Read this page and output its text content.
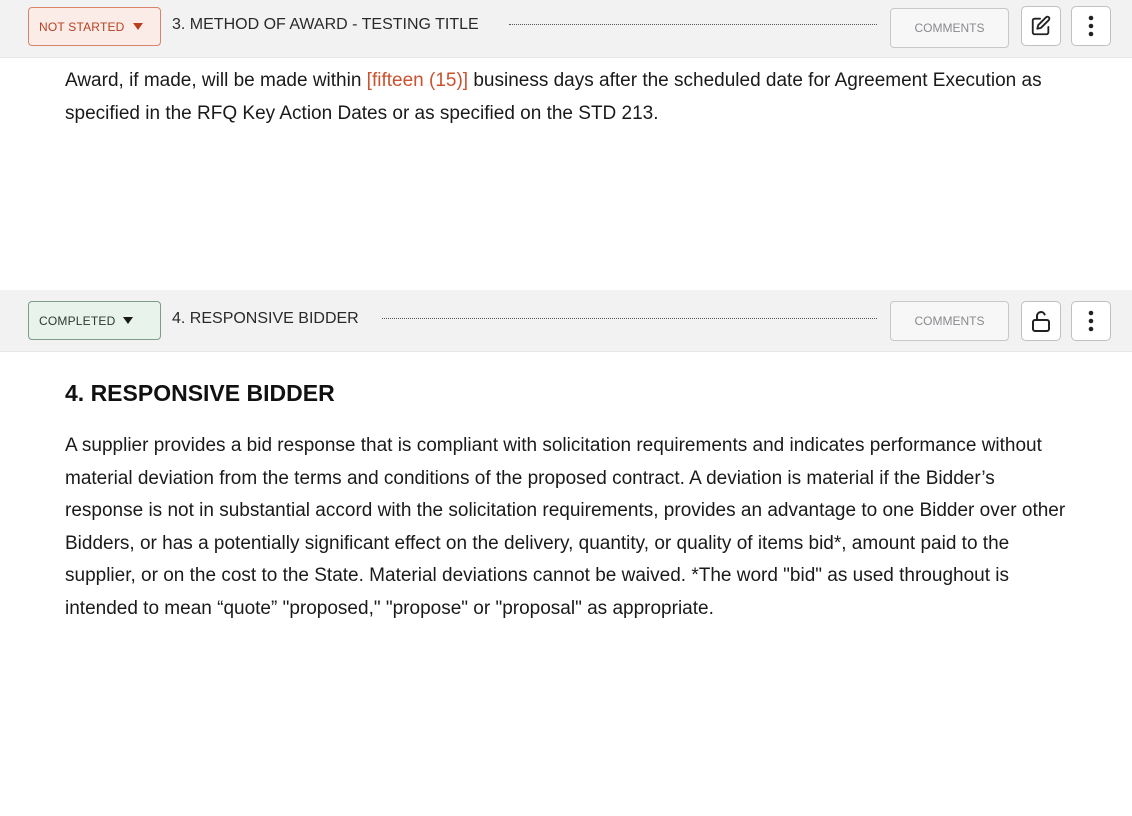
NOT STARTED	3. METHOD OF AWARD - TESTING TITLE	COMMENTS
Award, if made, will be made within [fifteen (15)] business days after the scheduled date for Agreement Execution as specified in the RFQ Key Action Dates or as specified on the STD 213.
COMPLETED	4. RESPONSIVE BIDDER	COMMENTS
4. RESPONSIVE BIDDER
A supplier provides a bid response that is compliant with solicitation requirements and indicates performance without material deviation from the terms and conditions of the proposed contract. A deviation is material if the Bidder’s response is not in substantial accord with the solicitation requirements, provides an advantage to one Bidder over other Bidders, or has a potentially significant effect on the delivery, quantity, or quality of items bid*, amount paid to the supplier, or on the cost to the State. Material deviations cannot be waived. *The word "bid" as used throughout is intended to mean “quote” "proposed," "propose" or "proposal" as appropriate.
